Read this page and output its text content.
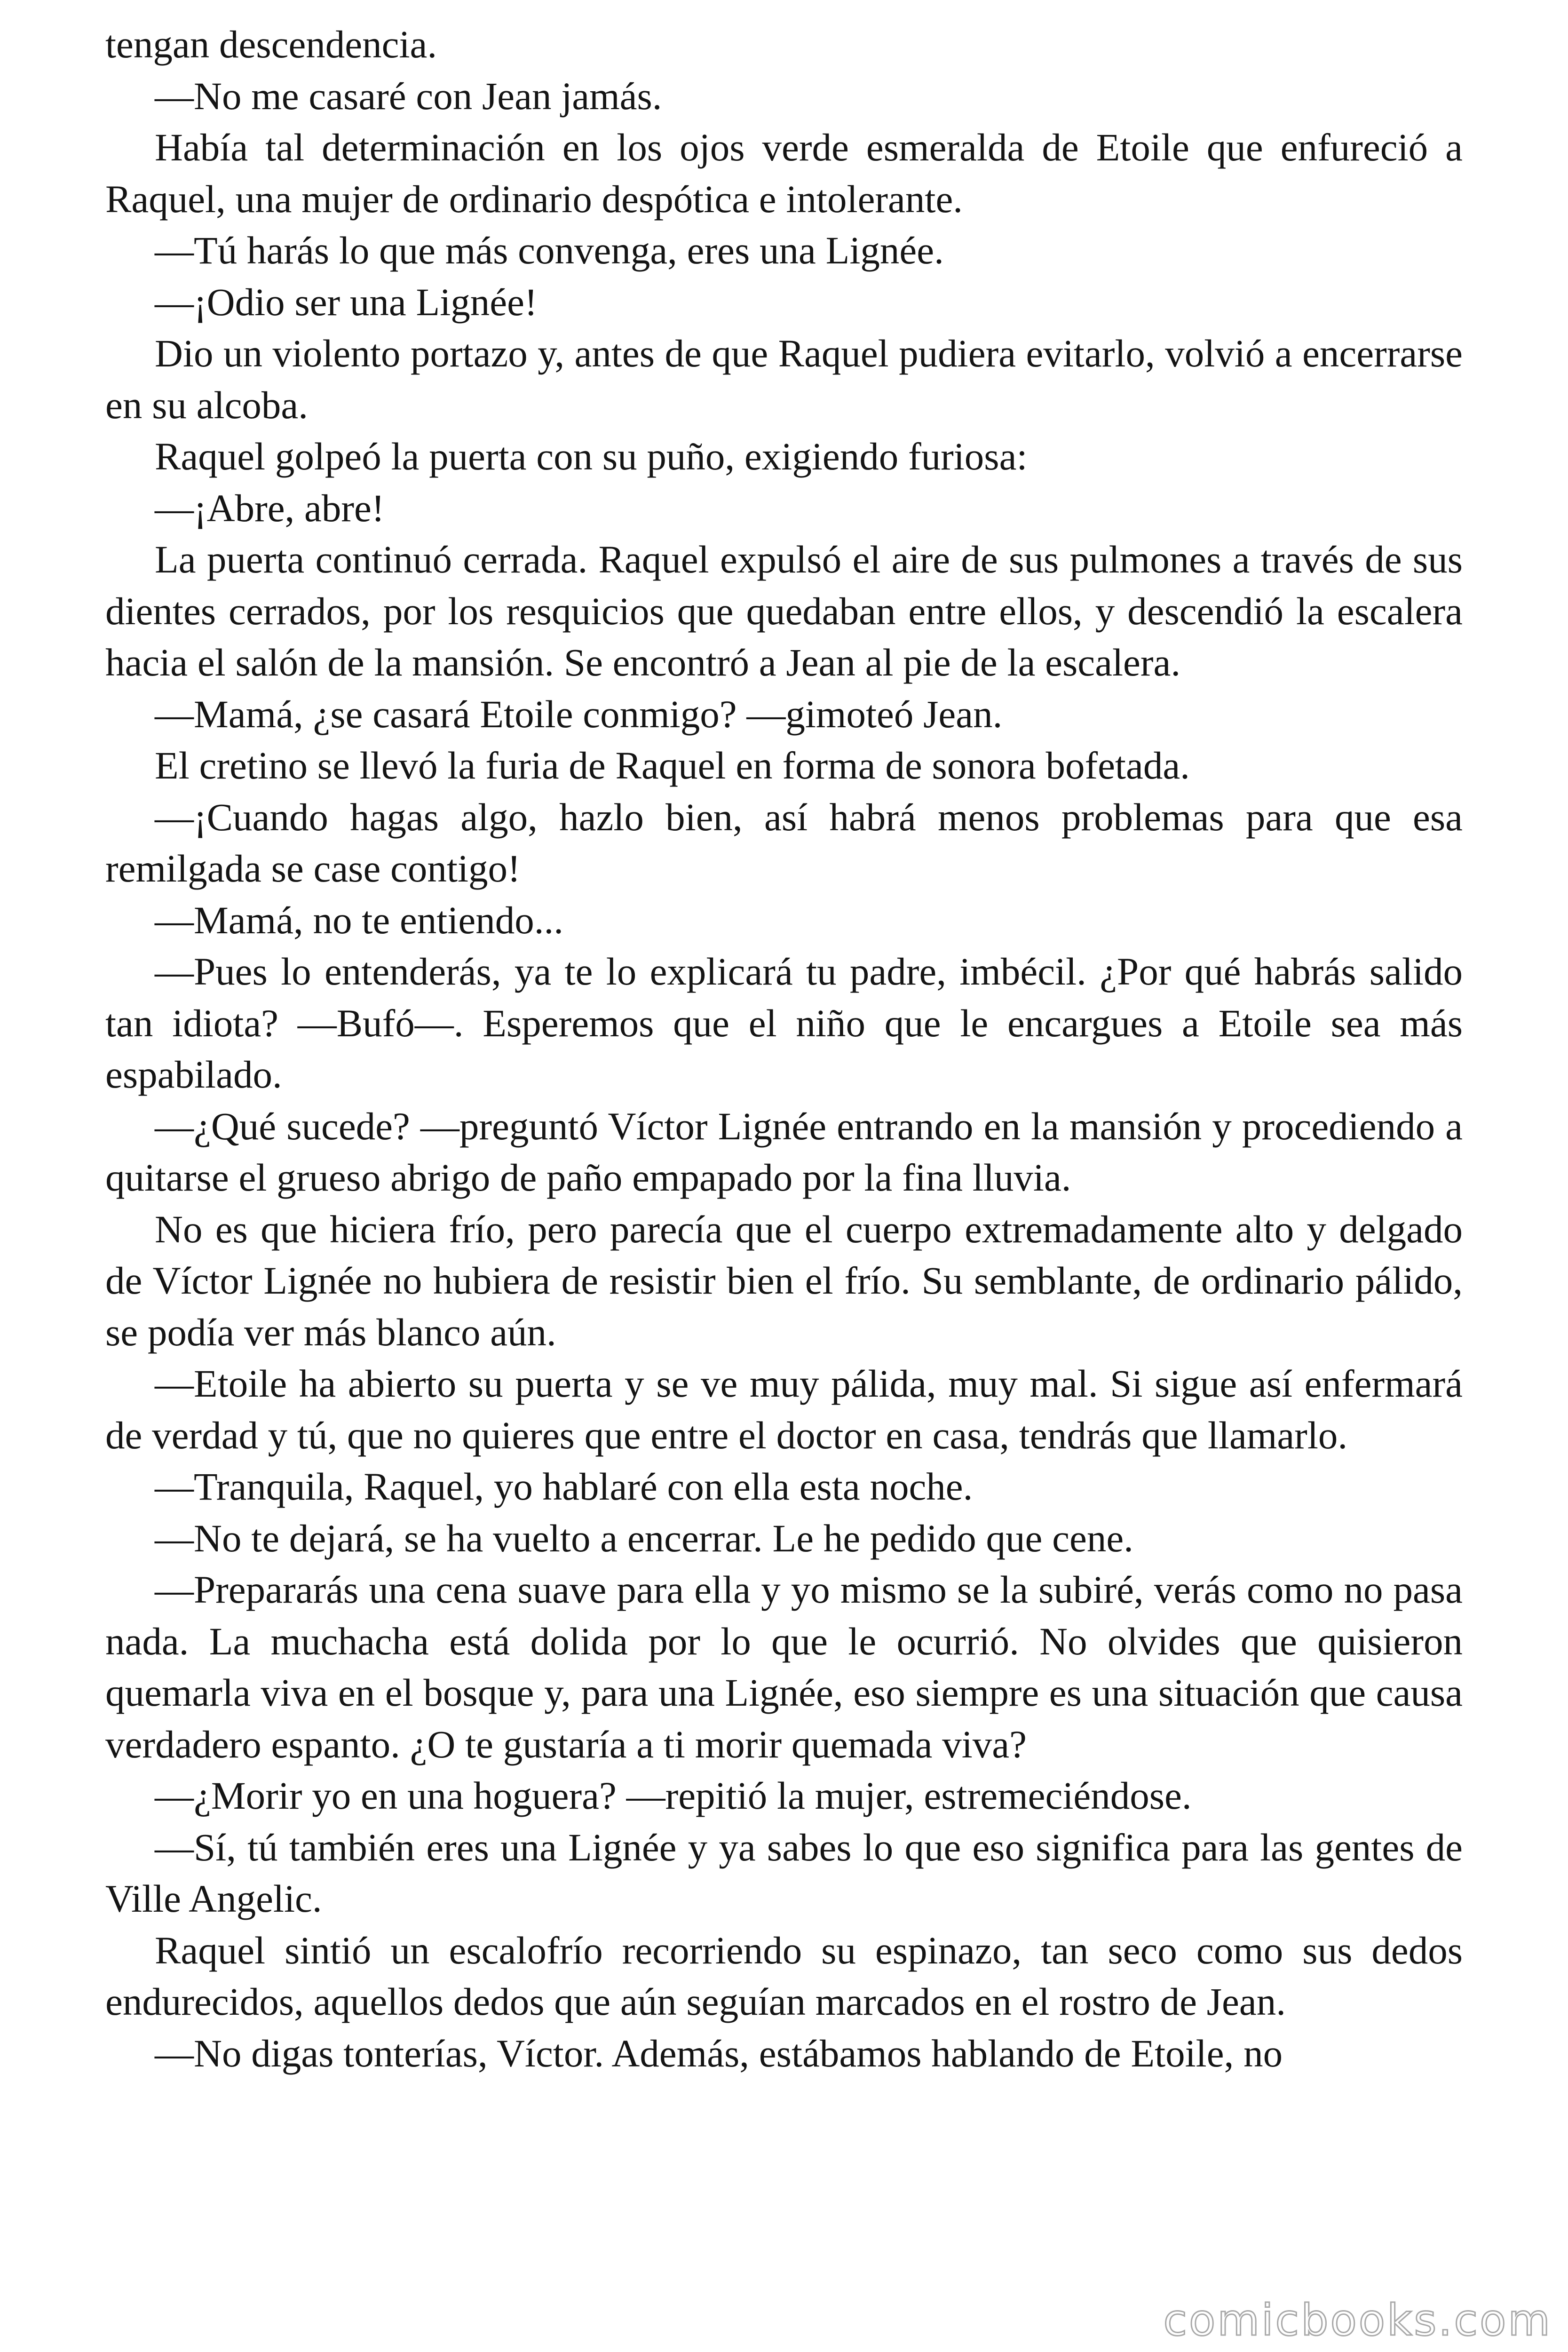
tengan descendencia.

—No me casaré con Jean jamás.

Había tal determinación en los ojos verde esmeralda de Etoile que enfureció a Raquel, una mujer de ordinario despótica e intolerante.

—Tú harás lo que más convenga, eres una Lignée.

—¡Odio ser una Lignée!

Dio un violento portazo y, antes de que Raquel pudiera evitarlo, volvió a encerrarse en su alcoba.

Raquel golpeó la puerta con su puño, exigiendo furiosa:

—¡Abre, abre!

La puerta continuó cerrada. Raquel expulsó el aire de sus pulmones a través de sus dientes cerrados, por los resquicios que quedaban entre ellos, y descendió la escalera hacia el salón de la mansión. Se encontró a Jean al pie de la escalera.

—Mamá, ¿se casará Etoile conmigo? —gimoteó Jean.

El cretino se llevó la furia de Raquel en forma de sonora bofetada.

—¡Cuando hagas algo, hazlo bien, así habrá menos problemas para que esa remilgada se case contigo!

—Mamá, no te entiendo...

—Pues lo entenderás, ya te lo explicará tu padre, imbécil. ¿Por qué habrás salido tan idiota? —Bufó—. Esperemos que el niño que le encargues a Etoile sea más espabilado.

—¿Qué sucede? —preguntó Víctor Lignée entrando en la mansión y procediendo a quitarse el grueso abrigo de paño empapado por la fina lluvia.

No es que hiciera frío, pero parecía que el cuerpo extremadamente alto y delgado de Víctor Lignée no hubiera de resistir bien el frío. Su semblante, de ordinario pálido, se podía ver más blanco aún.

—Etoile ha abierto su puerta y se ve muy pálida, muy mal. Si sigue así enfermará de verdad y tú, que no quieres que entre el doctor en casa, tendrás que llamarlo.

—Tranquila, Raquel, yo hablaré con ella esta noche.

—No te dejará, se ha vuelto a encerrar. Le he pedido que cene.

—Prepararás una cena suave para ella y yo mismo se la subiré, verás como no pasa nada. La muchacha está dolida por lo que le ocurrió. No olvides que quisieron quemarla viva en el bosque y, para una Lignée, eso siempre es una situación que causa verdadero espanto. ¿O te gustaría a ti morir quemada viva?

—¿Morir yo en una hoguera? —repitió la mujer, estremeciéndose.

—Sí, tú también eres una Lignée y ya sabes lo que eso significa para las gentes de Ville Angelic.

Raquel sintió un escalofrío recorriendo su espinazo, tan seco como sus dedos endurecidos, aquellos dedos que aún seguían marcados en el rostro de Jean.

—No digas tonterías, Víctor. Además, estábamos hablando de Etoile, no

comicbooks.com
